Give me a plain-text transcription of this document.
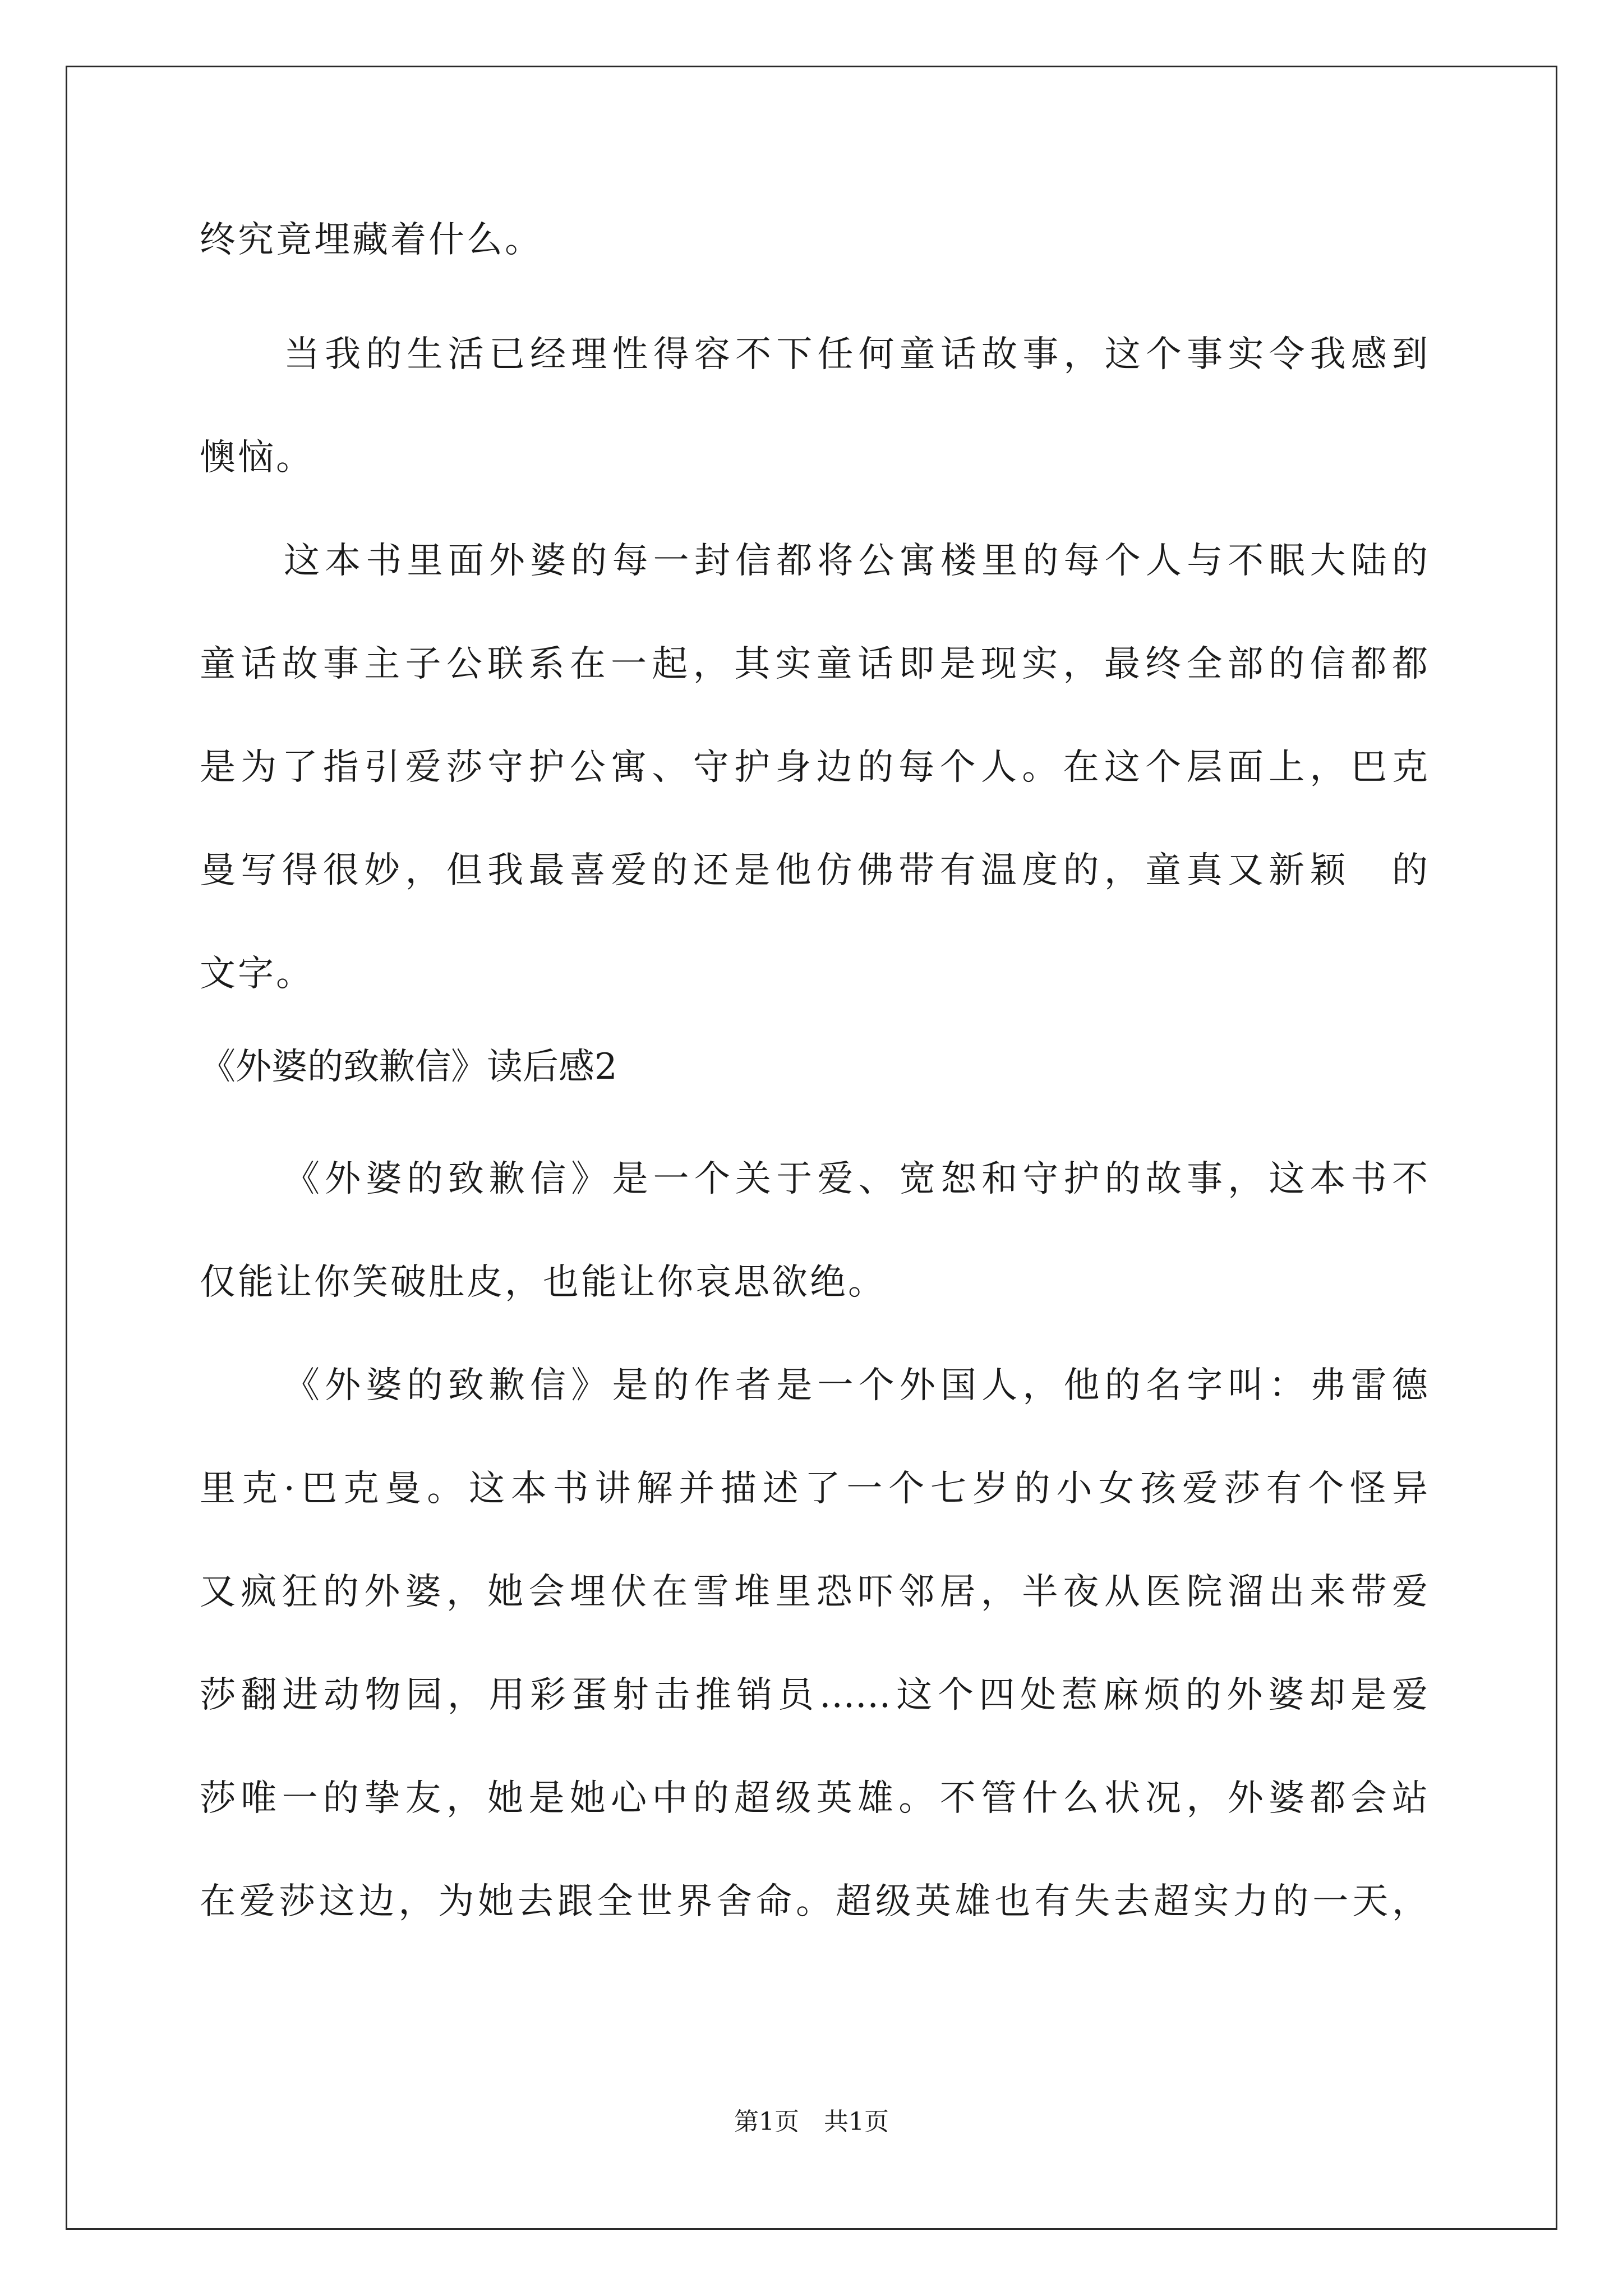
终究竟埋藏着什么。
当我的生活已经理性得容不下任何童话故事，这个事实令我感到
懊恼。
这本书里面外婆的每一封信都将公寓楼里的每个人与不眠大陆的
童话故事主子公联系在一起，其实童话即是现实，最终全部的信都都
是为了指引爱莎守护公寓、守护身边的每个人。在这个层面上，巴克
曼写得很妙，但我最喜爱的还是他仿佛带有温度的，童真又新颖　的
文字。
《外婆的致歉信》读后感2
《外婆的致歉信》是一个关于爱、宽恕和守护的故事，这本书不
仅能让你笑破肚皮，也能让你哀思欲绝。
《外婆的致歉信》是的作者是一个外国人，他的名字叫：弗雷德
里克·巴克曼。这本书讲解并描述了一个七岁的小女孩爱莎有个怪异
又疯狂的外婆，她会埋伏在雪堆里恐吓邻居，半夜从医院溜出来带爱
莎翻进动物园，用彩蛋射击推销员……这个四处惹麻烦的外婆却是爱
莎唯一的挚友，她是她心中的超级英雄。不管什么状况，外婆都会站
在爱莎这边，为她去跟全世界舍命。超级英雄也有失去超实力的一天，
第1页　共1页
